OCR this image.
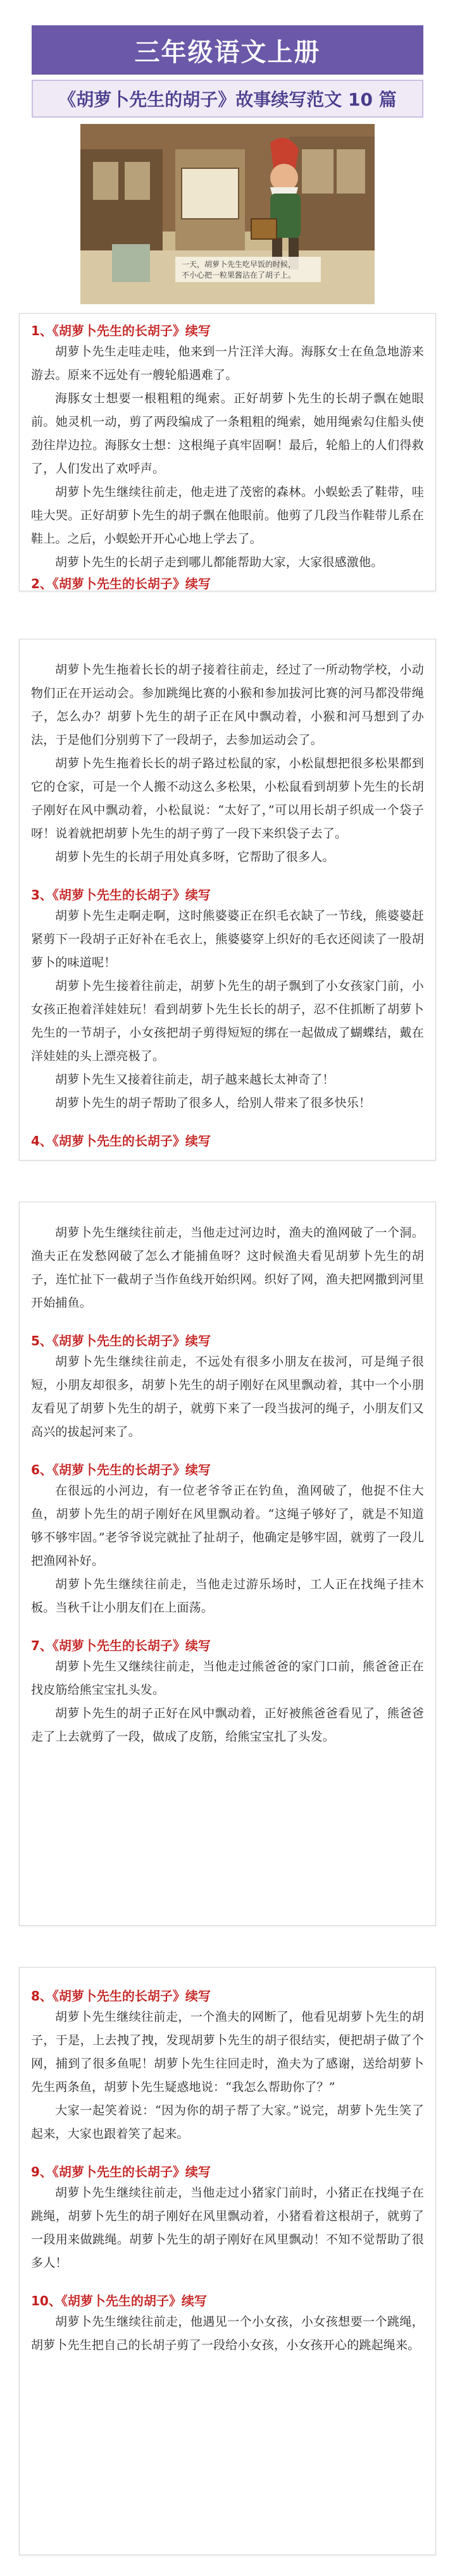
三年级语文上册
《胡萝卜先生的胡子》故事续写范文 10 篇
一天，胡萝卜先生吃早饭的时候，
不小心把一粒果酱沾在了胡子上。
1、《胡萝卜先生的长胡子》续写

胡萝卜先生走哇走哇，他来到一片汪洋大海。海豚女士在鱼急地游来游去。原来不远处有一艘轮船遇难了。

海豚女士想要一根粗粗的绳索。正好胡萝卜先生的长胡子飘在她眼前。她灵机一动，剪了两段编成了一条粗粗的绳索，她用绳索勾住船头使劲往岸边拉。海豚女士想：这根绳子真牢固啊！最后，轮船上的人们得救了，人们发出了欢呼声。

胡萝卜先生继续往前走，他走进了茂密的森林。小蜈蚣丢了鞋带，哇哇大哭。正好胡萝卜先生的胡子飘在他眼前。他剪了几段当作鞋带儿系在鞋上。之后，小蜈蚣开开心心地上学去了。

胡萝卜先生的长胡子走到哪儿都能帮助大家，大家很感激他。

2、《胡萝卜先生的长胡子》续写

胡萝卜先生拖着长长的胡子接着往前走，经过了一所动物学校，小动物们正在开运动会。参加跳绳比赛的小猴和参加拔河比赛的河马都没带绳子，怎么办？胡萝卜先生的胡子正在风中飘动着，小猴和河马想到了办法，于是他们分别剪下了一段胡子，去参加运动会了。

胡萝卜先生拖着长长的胡子路过松鼠的家，小松鼠想把很多松果都到它的仓家，可是一个人搬不动这么多松果，小松鼠看到胡萝卜先生的长胡子刚好在风中飘动着，小松鼠说：“太好了，”可以用长胡子织成一个袋子呀！说着就把胡萝卜先生的胡子剪了一段下来织袋子去了。

胡萝卜先生的长胡子用处真多呀，它帮助了很多人。

3、《胡萝卜先生的长胡子》续写

胡萝卜先生走啊走啊，这时熊婆婆正在织毛衣缺了一节线，熊婆婆赶紧剪下一段胡子正好补在毛衣上，熊婆婆穿上织好的毛衣还阅读了一股胡萝卜的味道呢！

胡萝卜先生接着往前走，胡萝卜先生的胡子飘到了小女孩家门前，小女孩正抱着洋娃娃玩！看到胡萝卜先生长长的胡子，忍不住抓断了胡萝卜先生的一节胡子，小女孩把胡子剪得短短的绑在一起做成了蝴蝶结，戴在洋娃娃的头上漂亮极了。

胡萝卜先生又接着往前走，胡子越来越长太神奇了！

胡萝卜先生的胡子帮助了很多人，给别人带来了很多快乐！

4、《胡萝卜先生的长胡子》续写

胡萝卜先生继续往前走，当他走过河边时，渔夫的渔网破了一个洞。渔夫正在发愁网破了怎么才能捕鱼呀？这时候渔夫看见胡萝卜先生的胡子，连忙扯下一截胡子当作鱼线开始织网。织好了网，渔夫把网撒到河里开始捕鱼。

5、《胡萝卜先生的长胡子》续写

胡萝卜先生继续往前走，不远处有很多小朋友在拔河，可是绳子很短，小朋友却很多，胡萝卜先生的胡子刚好在风里飘动着，其中一个小朋友看见了胡萝卜先生的胡子，就剪下来了一段当拔河的绳子，小朋友们又高兴的拔起河来了。

6、《胡萝卜先生的长胡子》续写

在很远的小河边，有一位老爷爷正在钓鱼，渔网破了，他捉不住大鱼，胡萝卜先生的胡子刚好在风里飘动着。“这绳子够好了，就是不知道够不够牢固。”老爷爷说完就扯了扯胡子，他确定是够牢固，就剪了一段儿把渔网补好。

胡萝卜先生继续往前走，当他走过游乐场时，工人正在找绳子挂木板。当秋千让小朋友们在上面荡。

7、《胡萝卜先生的长胡子》续写

胡萝卜先生又继续往前走，当他走过熊爸爸的家门口前，熊爸爸正在找皮筋给熊宝宝扎头发。

胡萝卜先生的胡子正好在风中飘动着，正好被熊爸爸看见了，熊爸爸走了上去就剪了一段，做成了皮筋，给熊宝宝扎了头发。

8、《胡萝卜先生的长胡子》续写

胡萝卜先生继续往前走，一个渔夫的网断了，他看见胡萝卜先生的胡子，于是，上去拽了拽，发现胡萝卜先生的胡子很结实，便把胡子做了个网，捕到了很多鱼呢！胡萝卜先生往回走时，渔夫为了感谢，送给胡萝卜先生两条鱼，胡萝卜先生疑惑地说：“我怎么帮助你了？”

大家一起笑着说：“因为你的胡子帮了大家。”说完，胡萝卜先生笑了起来，大家也跟着笑了起来。

9、《胡萝卜先生的长胡子》续写

胡萝卜先生继续往前走，当他走过小猪家门前时，小猪正在找绳子在跳绳，胡萝卜先生的胡子刚好在风里飘动着，小猪看着这根胡子，就剪了一段用来做跳绳。胡萝卜先生的胡子刚好在风里飘动！不知不觉帮助了很多人！

10、《胡萝卜先生的胡子》续写

胡萝卜先生继续往前走，他遇见一个小女孩，小女孩想要一个跳绳，胡萝卜先生把自己的长胡子剪了一段给小女孩，小女孩开心的跳起绳来。
